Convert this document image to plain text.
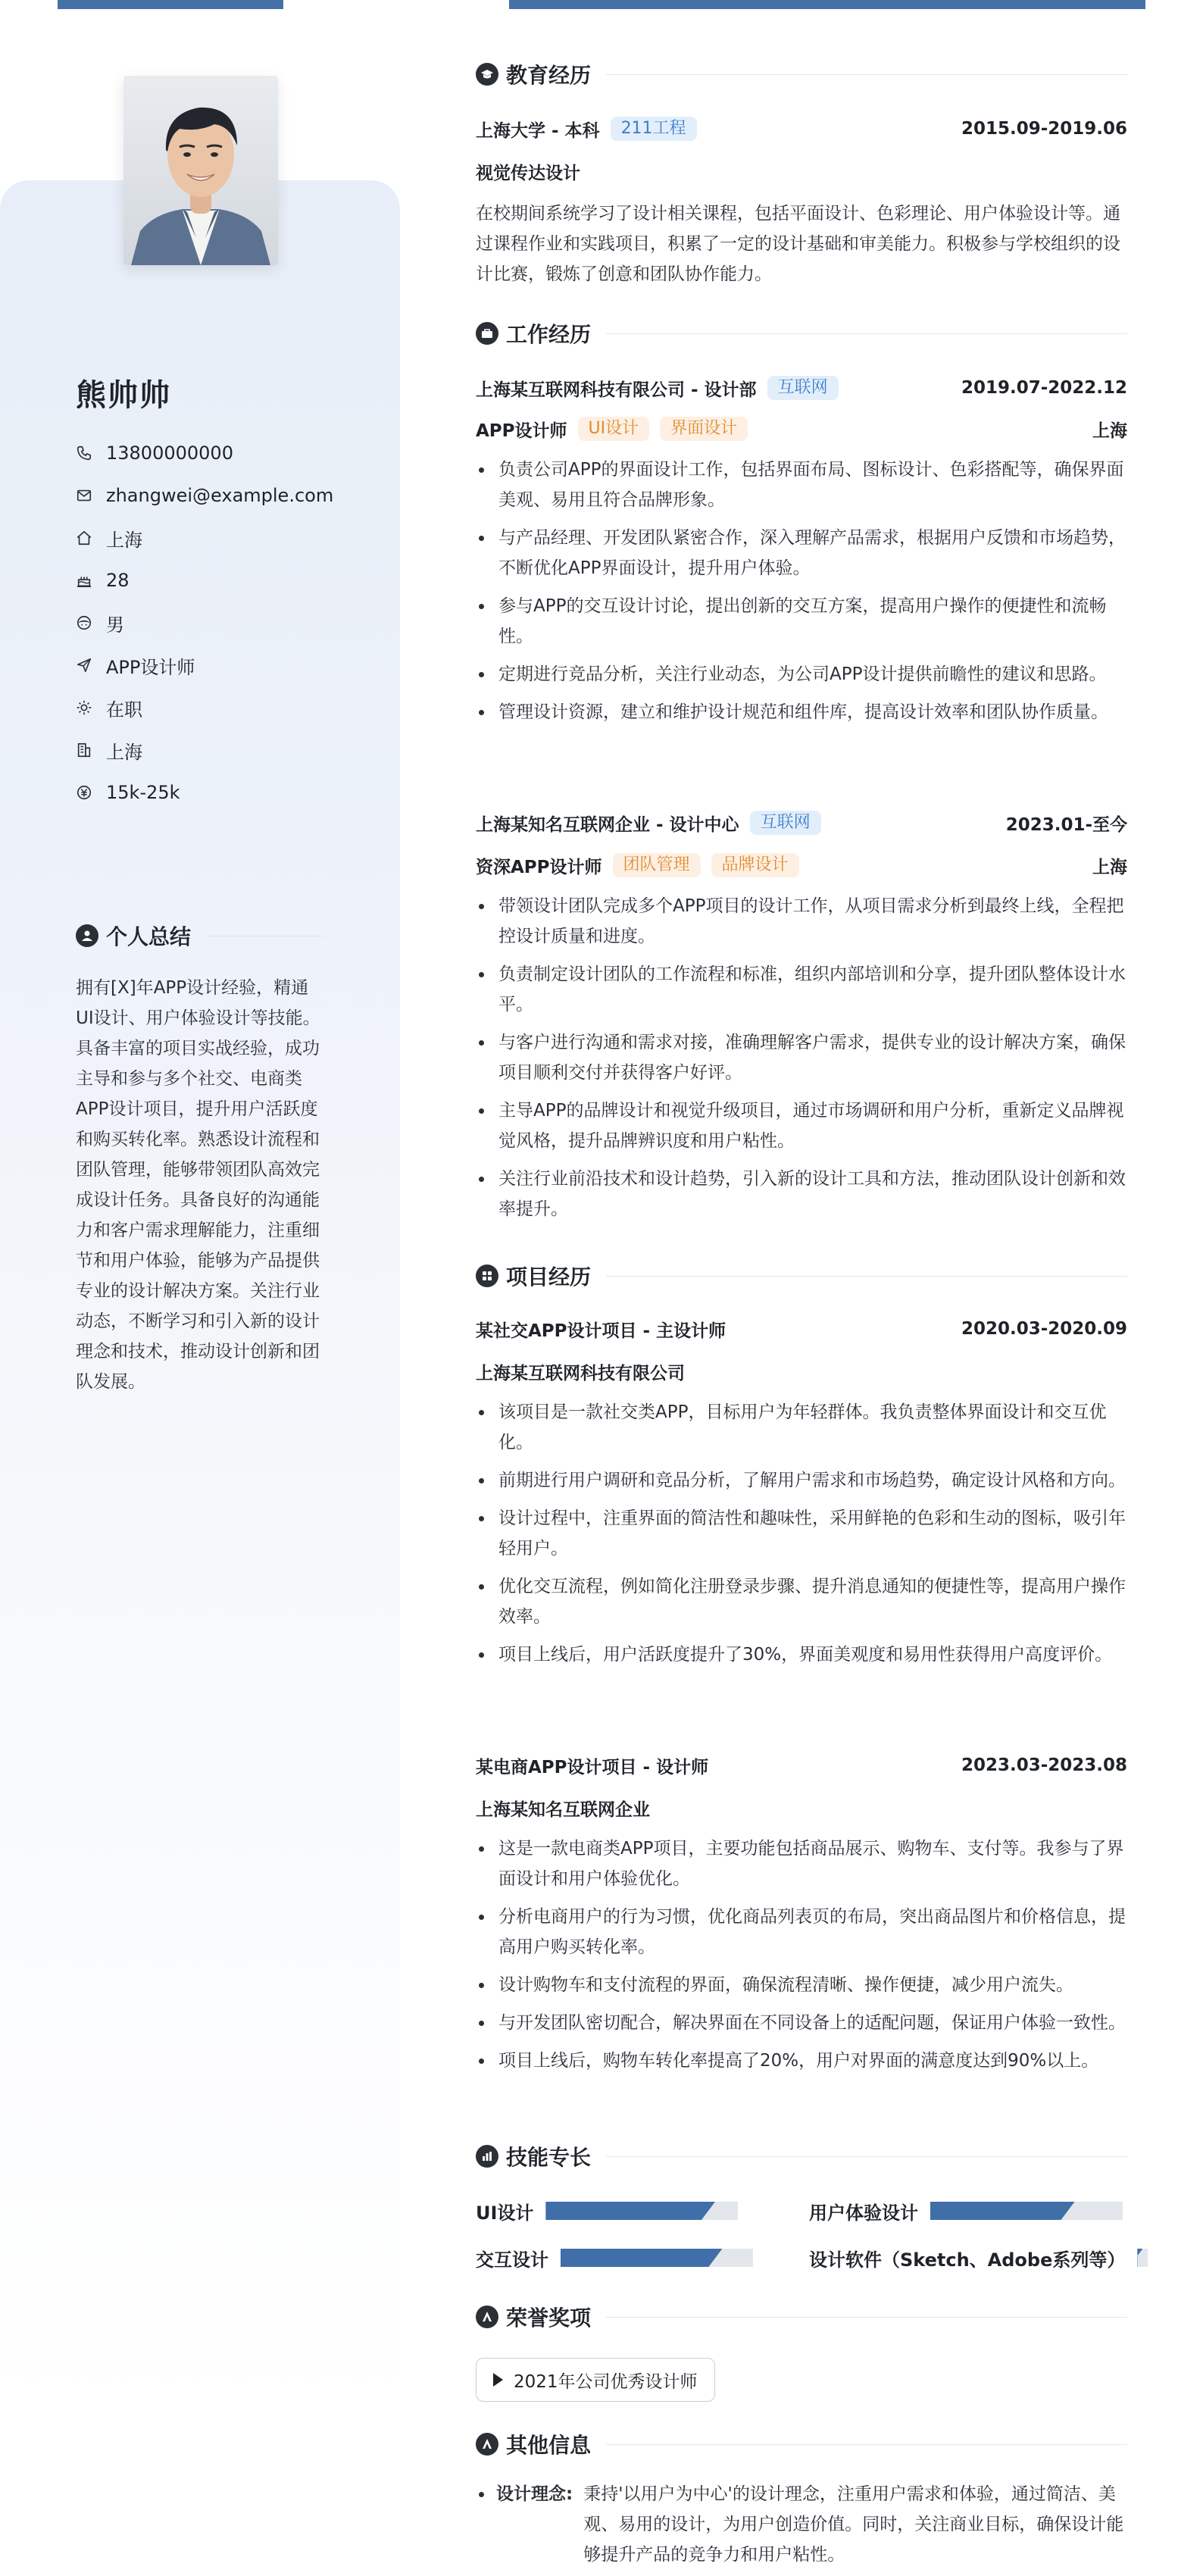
熊帅帅
13800000000
zhangwei@example.com
上海
28
男
APP设计师
在职
上海
15k-25k
个人总结

拥有[X]年APP设计经验，精通UI设计、用户体验设计等技能。具备丰富的项目实战经验，成功主导和参与多个社交、电商类APP设计项目，提升用户活跃度和购买转化率。熟悉设计流程和团队管理，能够带领团队高效完成设计任务。具备良好的沟通能力和客户需求理解能力，注重细节和用户体验，能够为产品提供专业的设计解决方案。关注行业动态，不断学习和引入新的设计理念和技术，推动设计创新和团队发展。

教育经历
上海大学 - 本科	211工程	2015.09-2019.06
视觉传达设计

在校期间系统学习了设计相关课程，包括平面设计、色彩理论、用户体验设计等。通过课程作业和实践项目，积累了一定的设计基础和审美能力。积极参与学校组织的设计比赛，锻炼了创意和团队协作能力。

工作经历
上海某互联网科技有限公司 - 设计部	互联网	2019.07-2022.12
APP设计师	UI设计	界面设计	上海
负责公司APP的界面设计工作，包括界面布局、图标设计、色彩搭配等，确保界面美观、易用且符合品牌形象。
与产品经理、开发团队紧密合作，深入理解产品需求，根据用户反馈和市场趋势，不断优化APP界面设计，提升用户体验。
参与APP的交互设计讨论，提出创新的交互方案，提高用户操作的便捷性和流畅性。
定期进行竞品分析，关注行业动态，为公司APP设计提供前瞻性的建议和思路。
管理设计资源，建立和维护设计规范和组件库，提高设计效率和团队协作质量。
上海某知名互联网企业 - 设计中心	互联网	2023.01-至今
资深APP设计师	团队管理	品牌设计	上海
带领设计团队完成多个APP项目的设计工作，从项目需求分析到最终上线，全程把控设计质量和进度。
负责制定设计团队的工作流程和标准，组织内部培训和分享，提升团队整体设计水平。
与客户进行沟通和需求对接，准确理解客户需求，提供专业的设计解决方案，确保项目顺利交付并获得客户好评。
主导APP的品牌设计和视觉升级项目，通过市场调研和用户分析，重新定义品牌视觉风格，提升品牌辨识度和用户粘性。
关注行业前沿技术和设计趋势，引入新的设计工具和方法，推动团队设计创新和效率提升。
项目经历
某社交APP设计项目 - 主设计师	2020.03-2020.09
上海某互联网科技有限公司
该项目是一款社交类APP，目标用户为年轻群体。我负责整体界面设计和交互优化。
前期进行用户调研和竞品分析，了解用户需求和市场趋势，确定设计风格和方向。
设计过程中，注重界面的简洁性和趣味性，采用鲜艳的色彩和生动的图标，吸引年轻用户。
优化交互流程，例如简化注册登录步骤、提升消息通知的便捷性等，提高用户操作效率。
项目上线后，用户活跃度提升了30%，界面美观度和易用性获得用户高度评价。
某电商APP设计项目 - 设计师	2023.03-2023.08
上海某知名互联网企业
这是一款电商类APP项目，主要功能包括商品展示、购物车、支付等。我参与了界面设计和用户体验优化。
分析电商用户的行为习惯，优化商品列表页的布局，突出商品图片和价格信息，提高用户购买转化率。
设计购物车和支付流程的界面，确保流程清晰、操作便捷，减少用户流失。
与开发团队密切配合，解决界面在不同设备上的适配问题，保证用户体验一致性。
项目上线后，购物车转化率提高了20%，用户对界面的满意度达到90%以上。
技能专长
UI设计	用户体验设计
交互设计	设计软件（Sketch、Adobe系列等）
荣誉奖项
2021年公司优秀设计师
其他信息
设计理念: 秉持'以用户为中心'的设计理念，注重用户需求和体验，通过简洁、美观、易用的设计，为用户创造价值。同时，关注商业目标，确保设计能够提升产品的竞争力和用户粘性。
